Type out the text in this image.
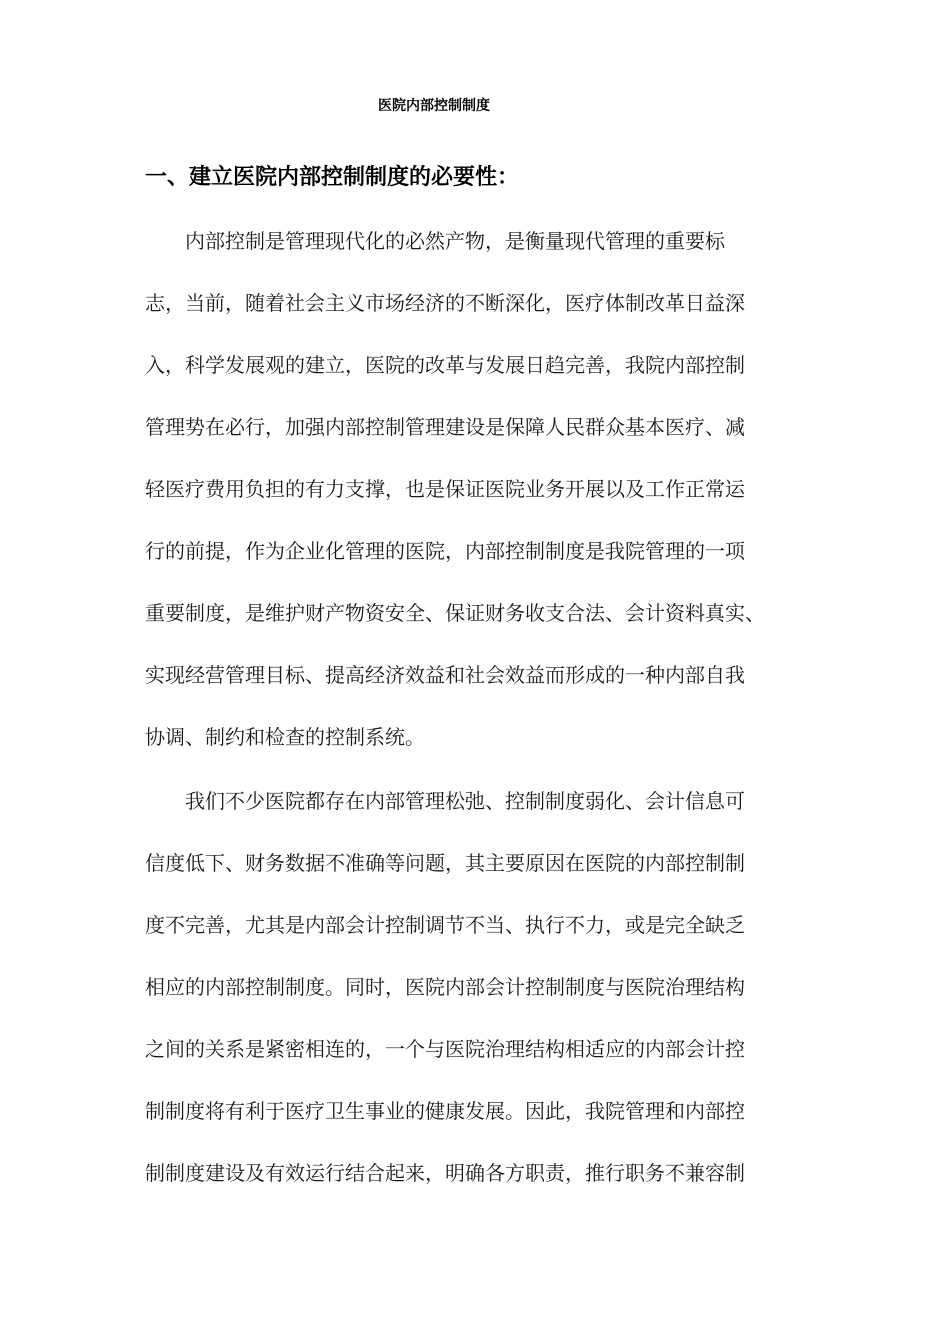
医院内部控制制度
一、建立医院内部控制制度的必要性：
　　内部控制是管理现代化的必然产物，是衡量现代管理的重要标
志，当前，随着社会主义市场经济的不断深化，医疗体制改革日益深
入，科学发展观的建立，医院的改革与发展日趋完善，我院内部控制
管理势在必行，加强内部控制管理建设是保障人民群众基本医疗、减
轻医疗费用负担的有力支撑，也是保证医院业务开展以及工作正常运
行的前提，作为企业化管理的医院，内部控制制度是我院管理的一项
重要制度，是维护财产物资安全、保证财务收支合法、会计资料真实、
实现经营管理目标、提高经济效益和社会效益而形成的一种内部自我
协调、制约和检查的控制系统。
　　我们不少医院都存在内部管理松弛、控制制度弱化、会计信息可
信度低下、财务数据不准确等问题，其主要原因在医院的内部控制制
度不完善，尤其是内部会计控制调节不当、执行不力，或是完全缺乏
相应的内部控制制度。同时，医院内部会计控制制度与医院治理结构
之间的关系是紧密相连的，一个与医院治理结构相适应的内部会计控
制制度将有利于医疗卫生事业的健康发展。因此，我院管理和内部控
制制度建设及有效运行结合起来，明确各方职责，推行职务不兼容制
